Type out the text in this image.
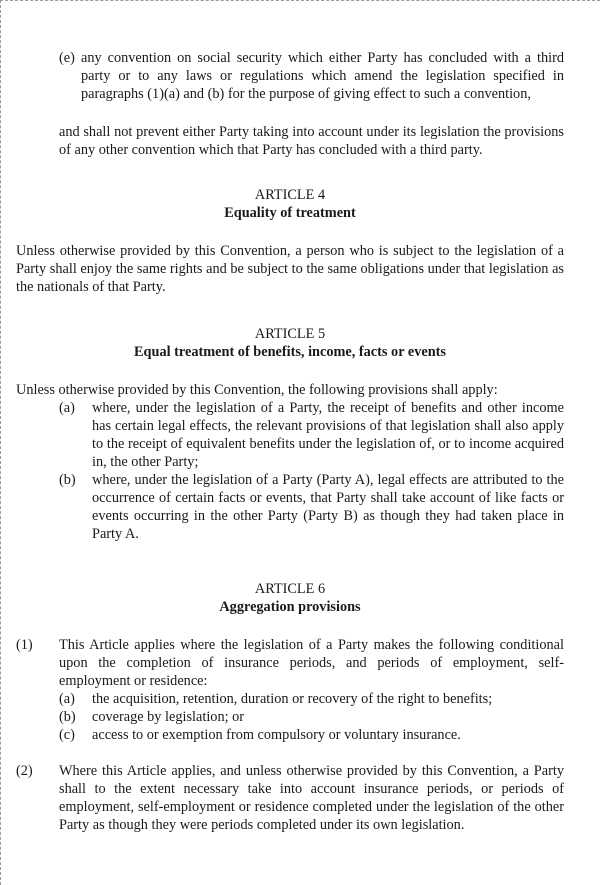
(e) any convention on social security which either Party has concluded with a third party or to any laws or regulations which amend the legislation specified in paragraphs (1)(a) and (b) for the purpose of giving effect to such a convention,

and shall not prevent either Party taking into account under its legislation the provisions of any other convention which that Party has concluded with a third party.

ARTICLE 4
Equality of treatment

Unless otherwise provided by this Convention, a person who is subject to the legislation of a Party shall enjoy the same rights and be subject to the same obligations under that legislation as the nationals of that Party.

ARTICLE 5
Equal treatment of benefits, income, facts or events

Unless otherwise provided by this Convention, the following provisions shall apply:

(a) where, under the legislation of a Party, the receipt of benefits and other income has certain legal effects, the relevant provisions of that legislation shall also apply to the receipt of equivalent benefits under the legislation of, or to income acquired in, the other Party;

(b) where, under the legislation of a Party (Party A), legal effects are attributed to the occurrence of certain facts or events, that Party shall take account of like facts or events occurring in the other Party (Party B) as though they had taken place in Party A.

ARTICLE 6
Aggregation provisions
(1) This Article applies where the legislation of a Party makes the following conditional upon the completion of insurance periods, and periods of employment, self-employment or residence:

(a) the acquisition, retention, duration or recovery of the right to benefits;

(b) coverage by legislation; or

(c) access to or exemption from compulsory or voluntary insurance.

(2) Where this Article applies, and unless otherwise provided by this Convention, a Party shall to the extent necessary take into account insurance periods, or periods of employment, self-employment or residence completed under the legislation of the other Party as though they were periods completed under its own legislation.
